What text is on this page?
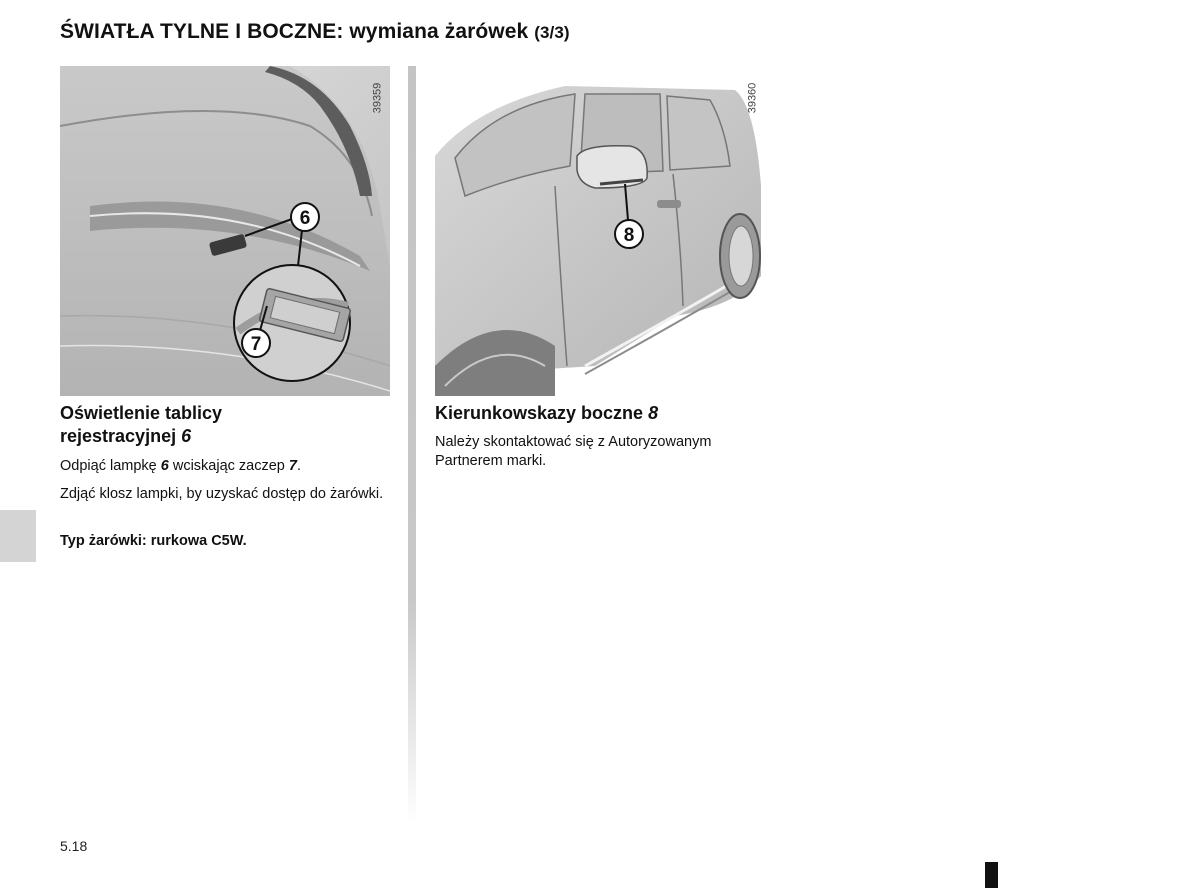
ŚWIATŁA TYLNE I BOCZNE: wymiana żarówek (3/3)
6
7
39359
8
39360
Oświetlenie tablicy
rejestracyjnej 6
Odpiąć lampkę 6 wciskając zaczep 7.
Zdjąć klosz lampki, by uzyskać dostęp do żarówki.
Typ żarówki: rurkowa C5W.
Kierunkowskazy boczne 8
Należy skontaktować się z Autoryzowanym Partnerem marki.
5.18
